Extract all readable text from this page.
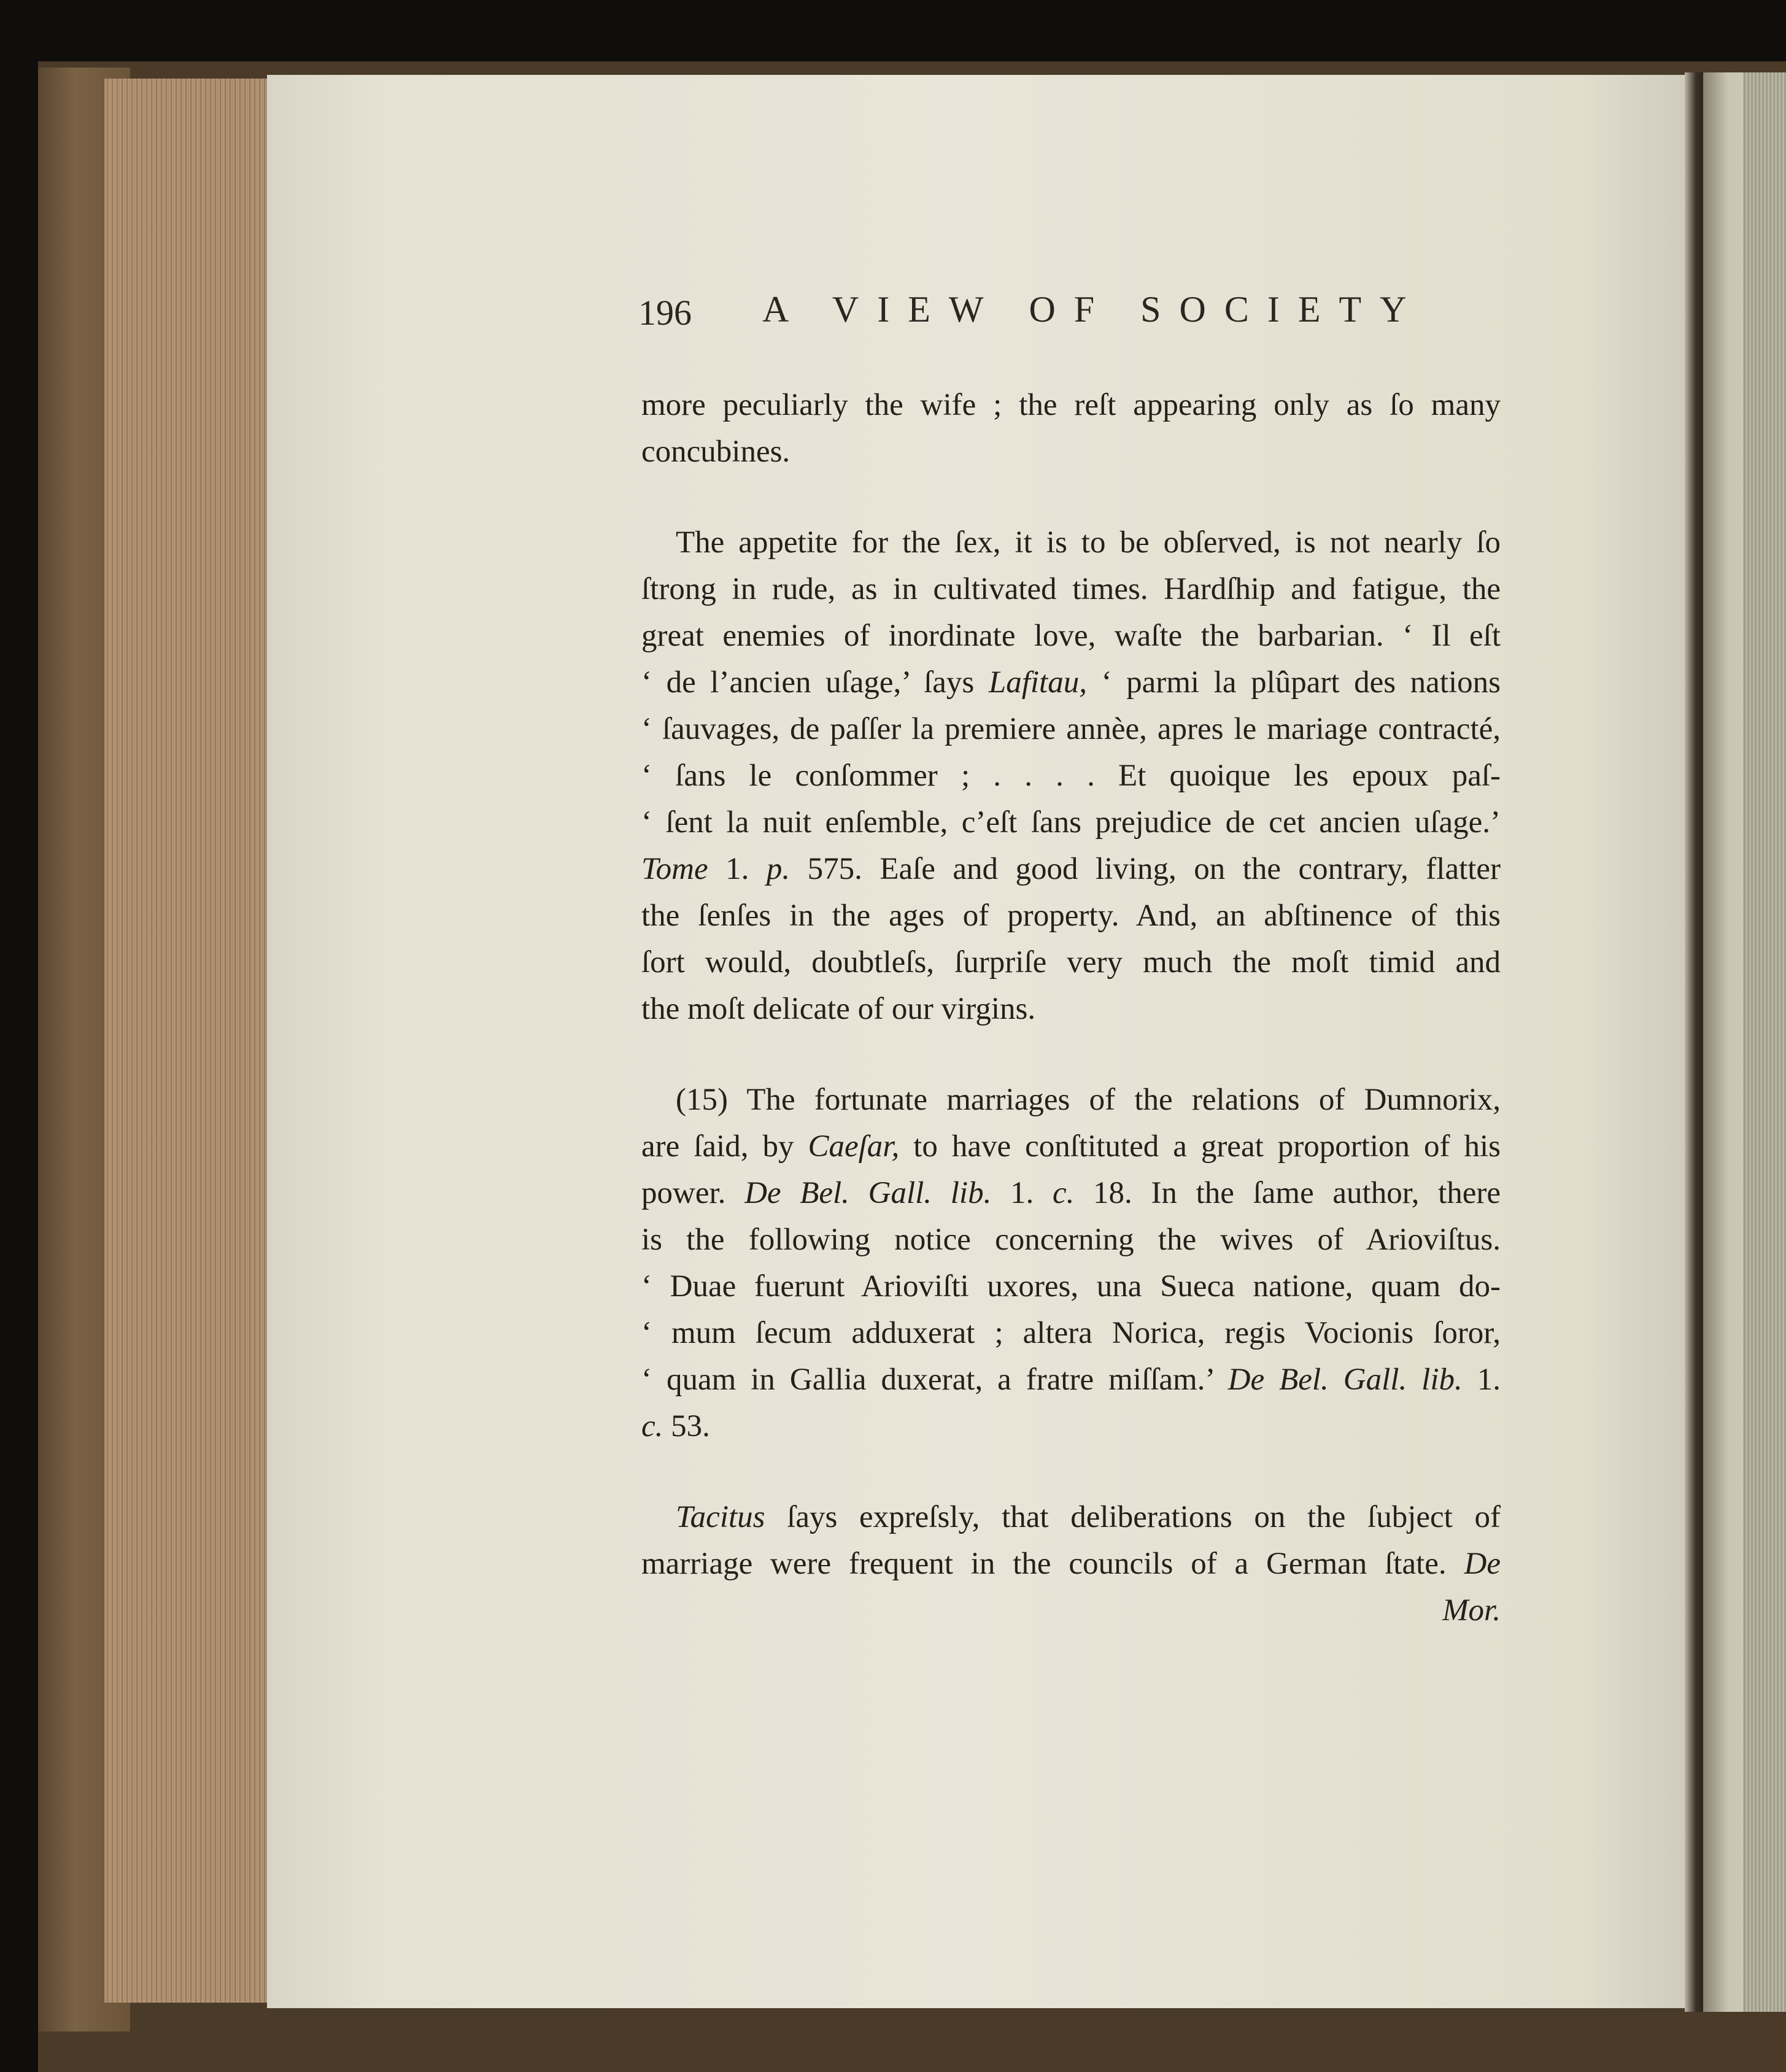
196 A VIEW OF SOCIETY
more peculiarly the wife ; the reſt appearing only as ſo many
concubines.
The appetite for the ſex, it is to be obſerved, is not nearly ſo
ſtrong in rude, as in cultivated times. Hardſhip and fatigue, the
great enemies of inordinate love, waſte the barbarian. ‘ Il eſt
‘ de l’ancien uſage,’ ſays Lafitau, ‘ parmi la plûpart des nations
‘ ſauvages, de paſſer la premiere annèe, apres le mariage contracté,
‘ ſans le conſommer ; . . . . Et quoique les epoux paſ-
‘ ſent la nuit enſemble, c’eſt ſans prejudice de cet ancien uſage.’
Tome 1. p. 575. Eaſe and good living, on the contrary, flatter
the ſenſes in the ages of property. And, an abſtinence of this
ſort would, doubtleſs, ſurpriſe very much the moſt timid and
the moſt delicate of our virgins.
(15) The fortunate marriages of the relations of Dumnorix,
are ſaid, by Caeſar, to have conſtituted a great proportion of his
power. De Bel. Gall. lib. 1. c. 18. In the ſame author, there
is the following notice concerning the wives of Arioviſtus.
‘ Duae fuerunt Arioviſti uxores, una Sueca natione, quam do-
‘ mum ſecum adduxerat ; altera Norica, regis Vocionis ſoror,
‘ quam in Gallia duxerat, a fratre miſſam.’ De Bel. Gall. lib. 1.
c. 53.
Tacitus ſays expreſsly, that deliberations on the ſubject of
marriage were frequent in the councils of a German ſtate. De
Mor.
